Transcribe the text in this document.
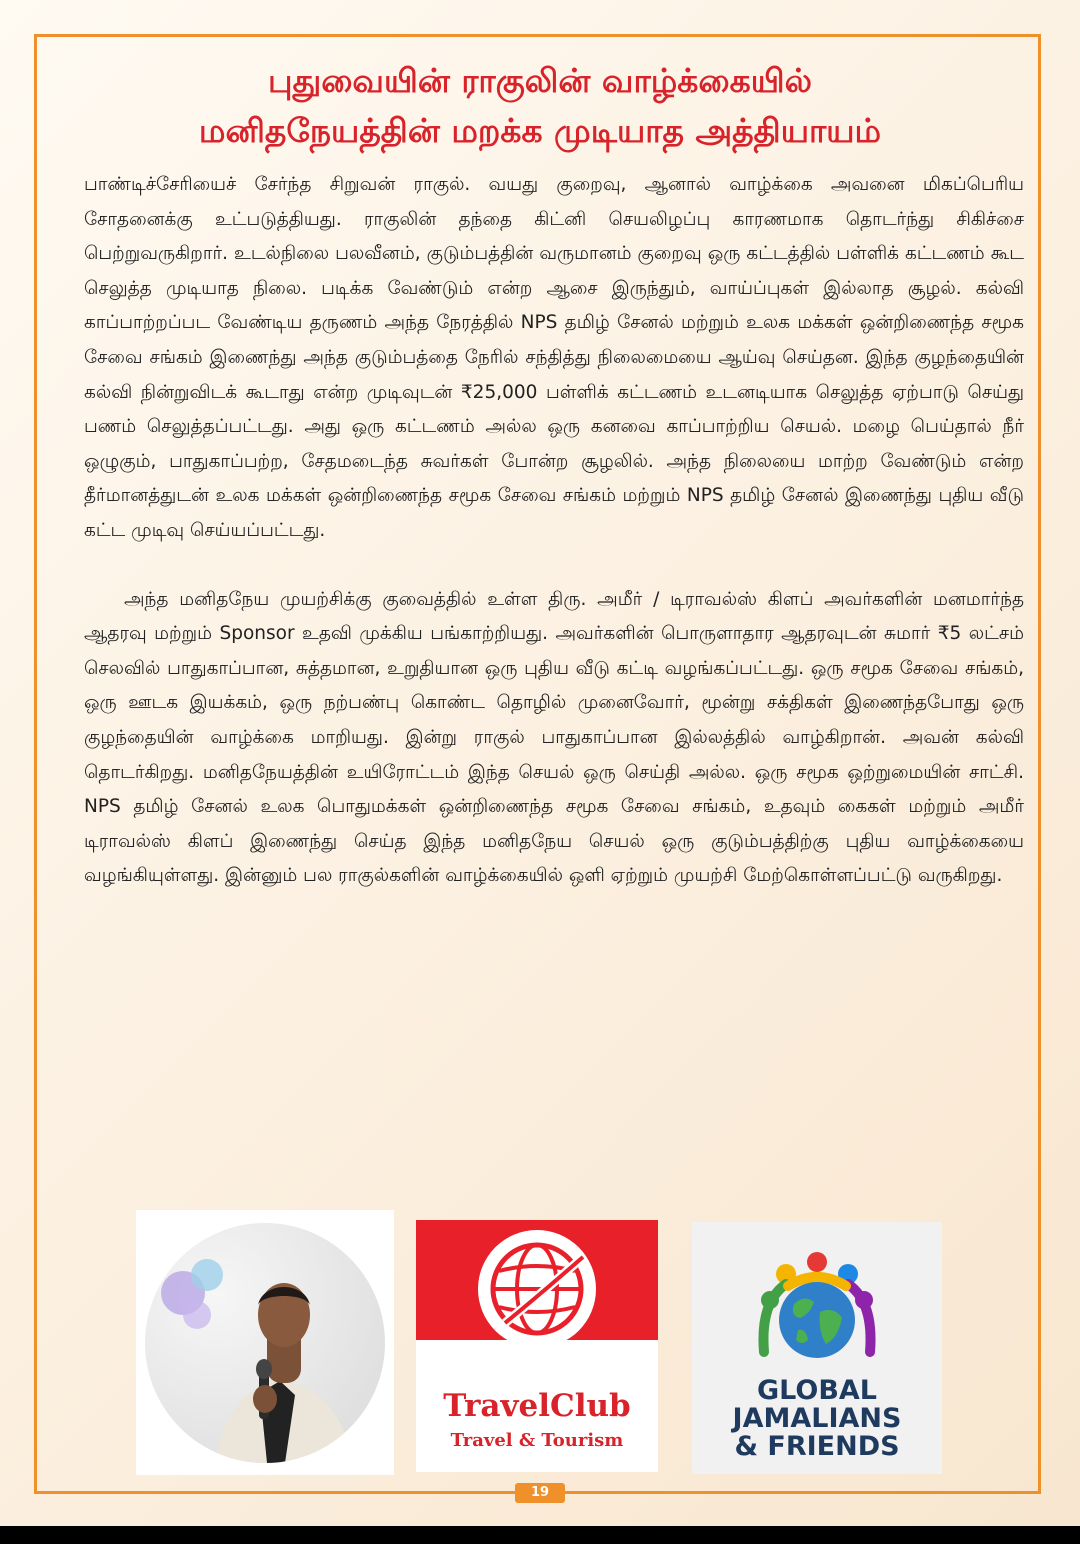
புதுவையின் ராகுலின் வாழ்க்கையில்
மனிதநேயத்தின் மறக்க முடியாத அத்தியாயம்

பாண்டிச்சேரியைச் சேர்ந்த சிறுவன் ராகுல். வயது குறைவு, ஆனால் வாழ்க்கை அவனை மிகப்பெரிய சோதனைக்கு உட்படுத்தியது. ராகுலின் தந்தை கிட்னி செயலிழப்பு காரணமாக தொடர்ந்து சிகிச்சை பெற்றுவருகிறார். உடல்நிலை பலவீனம், குடும்பத்தின் வருமானம் குறைவு ஒரு கட்டத்தில் பள்ளிக் கட்டணம் கூட செலுத்த முடியாத நிலை. படிக்க வேண்டும் என்ற ஆசை இருந்தும், வாய்ப்புகள் இல்லாத சூழல். கல்வி காப்பாற்றப்பட வேண்டிய தருணம் அந்த நேரத்தில் NPS தமிழ் சேனல் மற்றும் உலக மக்கள் ஒன்றிணைந்த சமூக சேவை சங்கம் இணைந்து அந்த குடும்பத்தை நேரில் சந்தித்து நிலைமையை ஆய்வு செய்தன. இந்த குழந்தையின் கல்வி நின்றுவிடக் கூடாது என்ற முடிவுடன் ₹25,000 பள்ளிக் கட்டணம் உடனடியாக செலுத்த ஏற்பாடு செய்து பணம் செலுத்தப்பட்டது. அது ஒரு கட்டணம் அல்ல ஒரு கனவை காப்பாற்றிய செயல். மழை பெய்தால் நீர் ஒழுகும், பாதுகாப்பற்ற, சேதமடைந்த சுவர்கள் போன்ற சூழலில். அந்த நிலையை மாற்ற வேண்டும் என்ற தீர்மானத்துடன் உலக மக்கள் ஒன்றிணைந்த சமூக சேவை சங்கம் மற்றும் NPS தமிழ் சேனல் இணைந்து புதிய வீடு கட்ட முடிவு செய்யப்பட்டது.

அந்த மனிதநேய முயற்சிக்கு குவைத்தில் உள்ள திரு. அமீர் / டிராவல்ஸ் கிளப் அவர்களின் மனமார்ந்த ஆதரவு மற்றும் Sponsor உதவி முக்கிய பங்காற்றியது. அவர்களின் பொருளாதார ஆதரவுடன் சுமார் ₹5 லட்சம் செலவில் பாதுகாப்பான, சுத்தமான, உறுதியான ஒரு புதிய வீடு கட்டி வழங்கப்பட்டது. ஒரு சமூக சேவை சங்கம், ஒரு ஊடக இயக்கம், ஒரு நற்பண்பு கொண்ட தொழில் முனைவோர், மூன்று சக்திகள் இணைந்தபோது ஒரு குழந்தையின் வாழ்க்கை மாறியது. இன்று ராகுல் பாதுகாப்பான இல்லத்தில் வாழ்கிறான். அவன் கல்வி தொடர்கிறது. மனிதநேயத்தின் உயிரோட்டம் இந்த செயல் ஒரு செய்தி அல்ல. ஒரு சமூக ஒற்றுமையின் சாட்சி. NPS தமிழ் சேனல் உலக பொதுமக்கள் ஒன்றிணைந்த சமூக சேவை சங்கம், உதவும் கைகள் மற்றும் அமீர் டிராவல்ஸ் கிளப் இணைந்து செய்த இந்த மனிதநேய செயல் ஒரு குடும்பத்திற்கு புதிய வாழ்க்கையை வழங்கியுள்ளது. இன்னும் பல ராகுல்களின் வாழ்க்கையில் ஒளி ஏற்றும் முயற்சி மேற்கொள்ளப்பட்டு வருகிறது.

TravelClub
Travel & Tourism
GLOBAL
JAMALIANS
& FRIENDS
19
